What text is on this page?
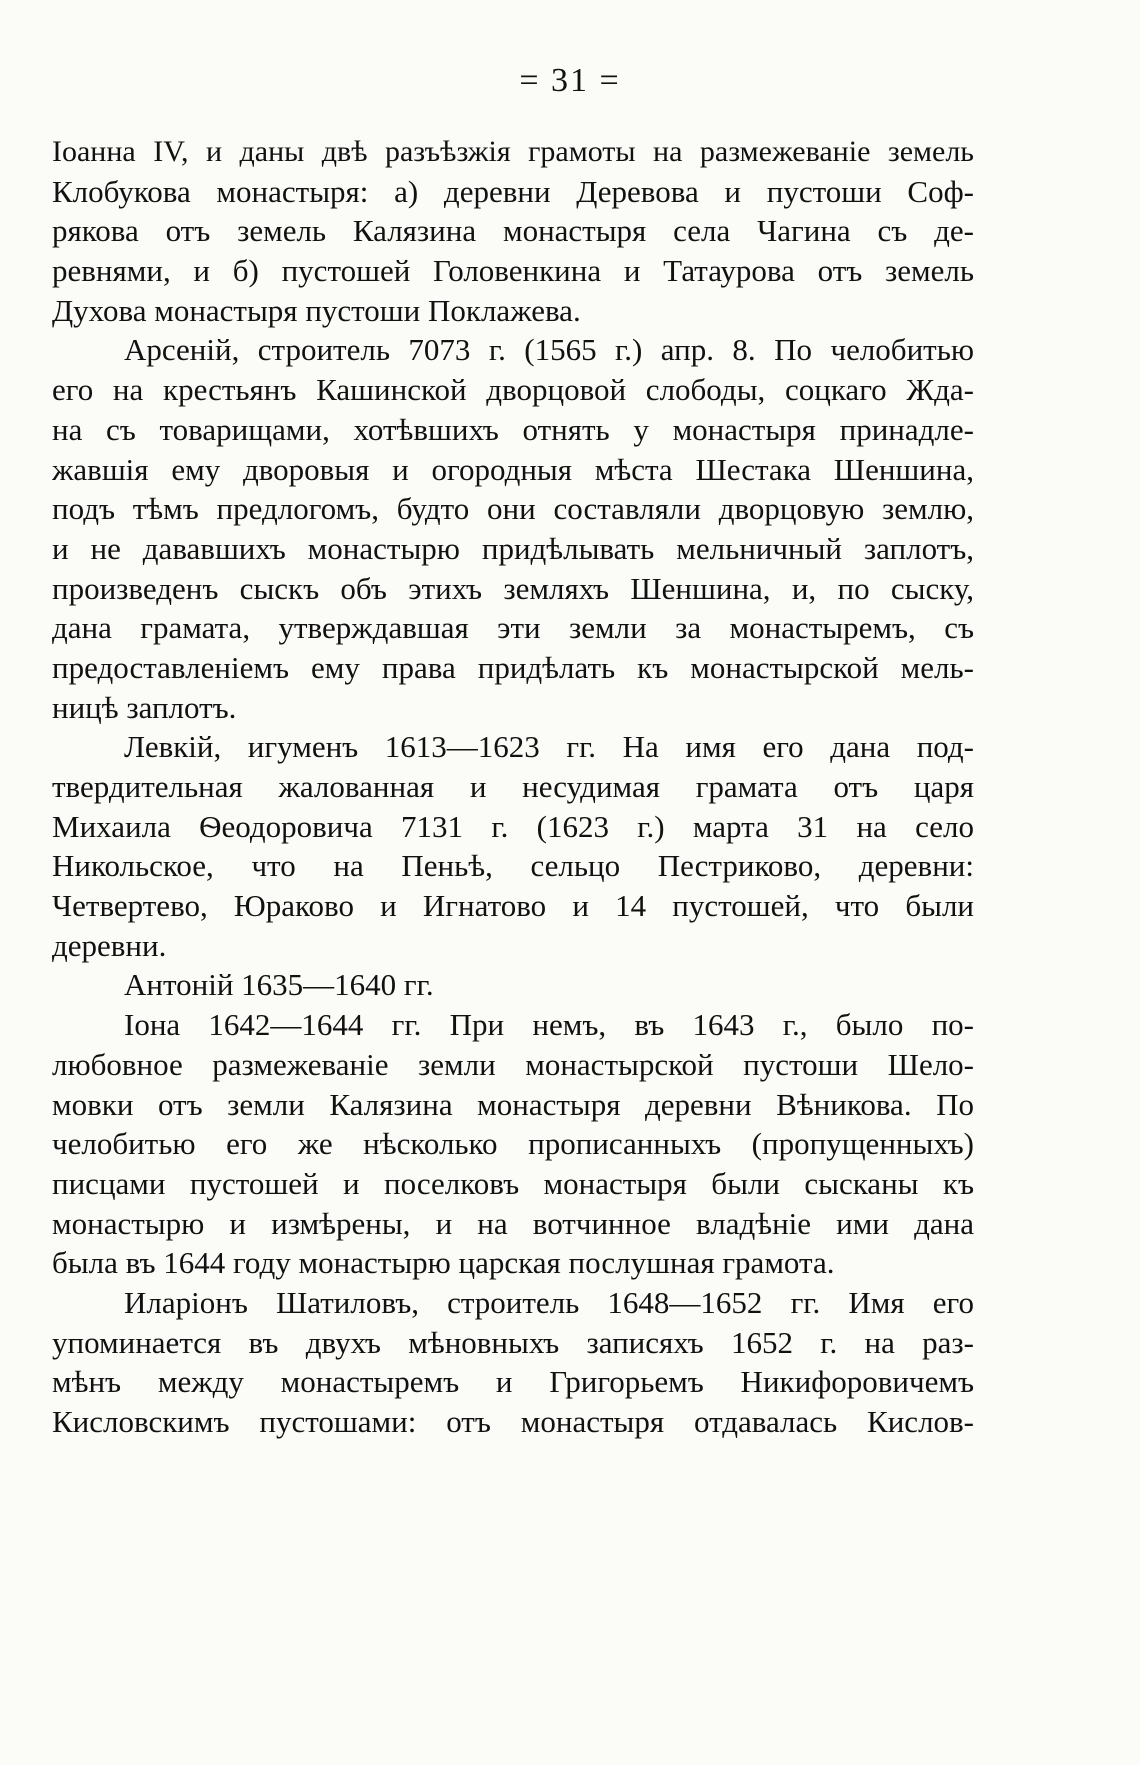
= 31 =
Іоанна IV, и даны двѣ разъѣзжія грамоты на размежеваніе земель
Клобукова монастыря: а) деревни Деревова и пустоши Соф-
рякова отъ земель Калязина монастыря села Чагина съ де-
ревнями, и б) пустошей Головенкина и Татаурова отъ земель
Духова монастыря пустоши Поклажева.
Арсеній, строитель 7073 г. (1565 г.) апр. 8. По челобитью
его на крестьянъ Кашинской дворцовой слободы, соцкаго Жда-
на съ товарищами, хотѣвшихъ отнять у монастыря принадле-
жавшія ему дворовыя и огородныя мѣста Шестака Шеншина,
подъ тѣмъ предлогомъ, будто они составляли дворцовую землю,
и не дававшихъ монастырю придѣлывать мельничный заплотъ,
произведенъ сыскъ объ этихъ земляхъ Шеншина, и, по сыску,
дана грамата, утверждавшая эти земли за монастыремъ, съ
предоставленіемъ ему права придѣлать къ монастырской мель-
ницѣ заплотъ.
Левкій, игуменъ 1613—1623 гг. На имя его дана под-
твердительная жалованная и несудимая грамата отъ царя
Михаила Ѳеодоровича 7131 г. (1623 г.) марта 31 на село
Никольское, что на Пеньѣ, сельцо Пестриково, деревни:
Четвертево, Юраково и Игнатово и 14 пустошей, что были
деревни.
Антоній 1635—1640 гг.
Іона 1642—1644 гг. При немъ, въ 1643 г., было по-
любовное размежеваніе земли монастырской пустоши Шело-
мовки отъ земли Калязина монастыря деревни Вѣникова. По
челобитью его же нѣсколько прописанныхъ (пропущенныхъ)
писцами пустошей и поселковъ монастыря были сысканы къ
монастырю и измѣрены, и на вотчинное владѣніе ими дана
была въ 1644 году монастырю царская послушная грамота.
Иларіонъ Шатиловъ, строитель 1648—1652 гг. Имя его
упоминается въ двухъ мѣновныхъ записяхъ 1652 г. на раз-
мѣнъ между монастыремъ и Григорьемъ Никифоровичемъ
Кисловскимъ пустошами: отъ монастыря отдавалась Кислов-
